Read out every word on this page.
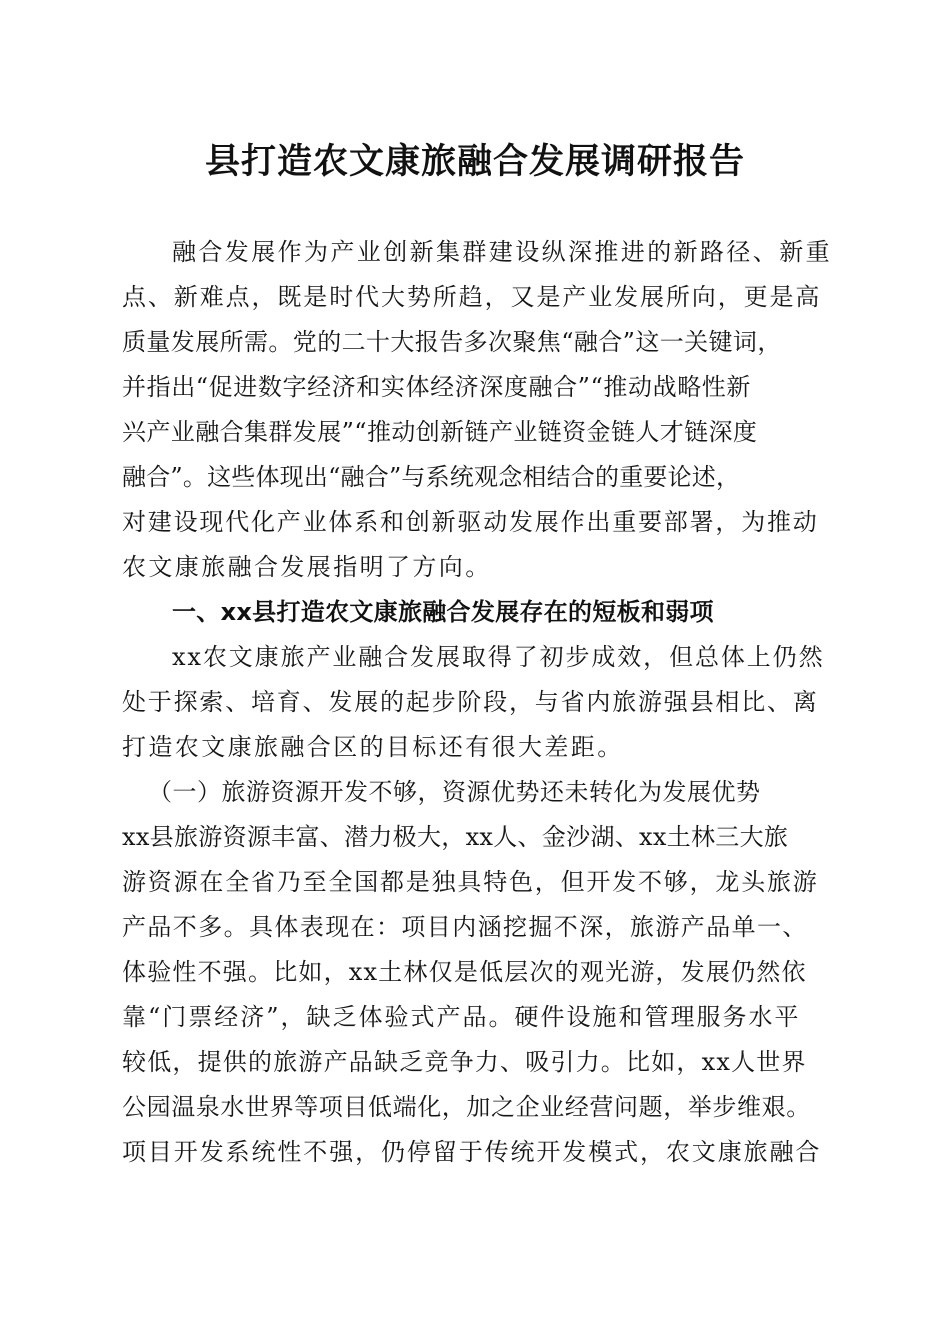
县打造农文康旅融合发展调研报告
融合发展作为产业创新集群建设纵深推进的新路径、新重
点、新难点，既是时代大势所趋，又是产业发展所向，更是高
质量发展所需。党的二十大报告多次聚焦“融合”这一关键词，
并指出“促进数字经济和实体经济深度融合”“推动战略性新
兴产业融合集群发展”“推动创新链产业链资金链人才链深度
融合”。这些体现出“融合”与系统观念相结合的重要论述，
对建设现代化产业体系和创新驱动发展作出重要部署，为推动
农文康旅融合发展指明了方向。
一、xx县打造农文康旅融合发展存在的短板和弱项
xx农文康旅产业融合发展取得了初步成效，但总体上仍然
处于探索、培育、发展的起步阶段，与省内旅游强县相比、离
打造农文康旅融合区的目标还有很大差距。
（一）旅游资源开发不够，资源优势还未转化为发展优势
xx县旅游资源丰富、潜力极大，xx人、金沙湖、xx土林三大旅
游资源在全省乃至全国都是独具特色，但开发不够，龙头旅游
产品不多。具体表现在：项目内涵挖掘不深，旅游产品单一、
体验性不强。比如，xx土林仅是低层次的观光游，发展仍然依
靠“门票经济”，缺乏体验式产品。硬件设施和管理服务水平
较低，提供的旅游产品缺乏竞争力、吸引力。比如，xx人世界
公园温泉水世界等项目低端化，加之企业经营问题，举步维艰。
项目开发系统性不强，仍停留于传统开发模式，农文康旅融合
